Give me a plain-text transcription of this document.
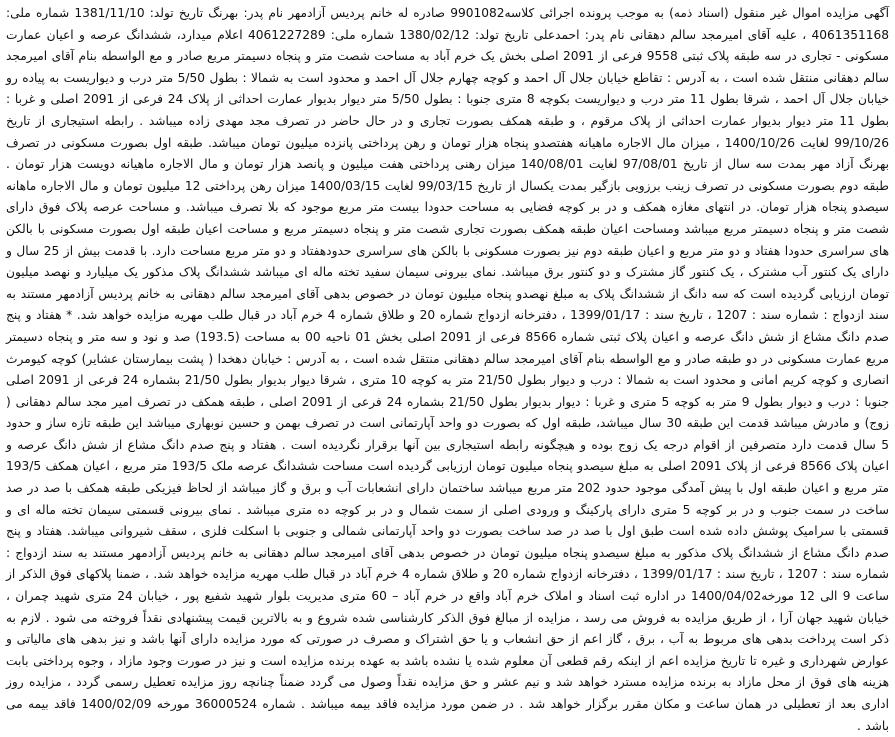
آگهی مزایده اموال غیر منقول (اسناد ذمه) به موجب پرونده اجرائی کلاسه9901082 صادره له خانم پردیس آزادمهر نام پدر: بهرنگ تاریخ تولد: 1381/11/10 شماره ملی: 4061351168 ، علیه آقای امیرمجد سالم دهقانی نام پدر: احمدعلی تاریخ تولد: 1380/02/12 شماره ملی: 4061227289 اعلام میدارد، ششدانگ عرصه و اعیان عمارت مسکونی - تجاری در سه طبقه پلاک ثبتی 9558 فرعی از 2091 اصلی بخش یک خرم آباد به مساحت شصت متر و پنجاه دسیمتر مربع صادر و مع الواسطه بنام آقای امیرمجد سالم دهقانی منتقل شده است ، به آدرس : تقاطع خیابان جلال آل احمد و کوچه چهارم جلال آل احمد و محدود است به شمالا : بطول 5/50 متر درب و دیواریست به پیاده رو خیابان جلال آل احمد ، شرقا بطول 11 متر درب و دیواریست بکوچه 8 متری جنوبا : بطول 5/50 متر دیوار بدیوار عمارت احداثی از پلاک 24 فرعی از 2091 اصلی و غربا : بطول 11 متر دیوار بدیوار عمارت احداثی از پلاک مرقوم ، و طبقه همکف بصورت تجاری و در حال حاضر در تصرف مجد مهدی زاده میباشد . رابطه استیجاری از تاریخ 99/10/26 لغایت 1400/10/26 ، میزان مال الاجاره ماهیانه هفتصدو پنجاه هزار تومان و رهن پرداختی پانزده میلیون تومان میباشد. طبقه اول بصورت مسکونی در تصرف بهرنگ آزاد مهر بمدت سه سال از تاریخ 97/08/01 لغایت 140/08/01 میزان رهنی پرداختی هفت میلیون و پانصد هزار تومان و مال الاجاره ماهیانه دویست هزار تومان . طبقه دوم بصورت مسکونی در تصرف زینب برزویی بازگیر بمدت یکسال از تاریخ 99/03/15 لغایت 1400/03/15 میزان رهن پرداختی 12 میلیون تومان و مال الاجاره ماهانه سیصدو پنجاه هزار تومان. در انتهای مغازه همکف و در بر کوچه فضایی به مساحت حدودا بیست متر مربع موجود که بلا تصرف میباشد. و مساحت عرصه پلاک فوق دارای شصت متر و پنجاه دسیمتر مربع میباشد ومساحت اعیان طبقه همکف بصورت تجاری شصت متر و پنجاه دسیمتر مربع و مساحت اعیان طبقه اول بصورت مسکونی با بالکن های سراسری حدودا هفتاد و دو متر مربع و اعیان طبقه دوم نیز بصورت مسکونی با بالکن های سراسری حدودهفتاد و دو متر مربع مساحت دارد. با قدمت بیش از 25 سال و دارای یک کنتور آب مشترک ، یک کنتور گاز مشترک و دو کنتور برق میباشد. نمای بیرونی سیمان سفید تخته ماله ای میباشد ششدانگ پلاک مذکور یک میلیارد و نهصد میلیون تومان ارزیابی گردیده است که سه دانگ از ششدانگ پلاک به مبلغ نهصدو پنجاه میلیون تومان در خصوص بدهی آقای امیرمجد سالم دهقانی به خانم پردیس آزادمهر مستند به سند ازدواج : شماره سند : 1207 ، تاریخ سند : 1399/01/17 ، دفترخانه ازدواج شماره 20 و طلاق شماره 4 خرم آباد در قبال طلب مهریه مزایده خواهد شد. * هفتاد و پنج صدم دانگ مشاع از شش دانگ عرصه و اعیان پلاک ثبتی شماره 8566 فرعی از 2091 اصلی بخش 01 ناحیه 00 به مساحت (193.5) صد و نود و سه متر و پنجاه دسیمتر مربع عمارت مسکونی در دو طبقه صادر و مع الواسطه بنام آقای امیرمجد سالم دهقانی منتقل شده است ، به آدرس : خیابان دهخدا ( پشت بیمارستان عشایر) کوچه کیومرث انصاری و کوچه کریم امانی و محدود است به شمالا : درب و دیوار بطول 21/50 متر به کوچه 10 متری ، شرقا دیوار بدیوار بطول 21/50 بشماره 24 فرعی از 2091 اصلی جنوبا : درب و دیوار بطول 9 متر به کوچه 5 متری و غربا : دیوار بدیوار بطول 21/50 بشماره 24 فرعی از 2091 اصلی ، طبقه همکف در تصرف امیر مجد سالم دهقانی ( زوج) و مادرش میباشد قدمت این طبقه 30 سال میباشد، طبقه اول که بصورت دو واحد آپارتمانی است در تصرف بهمن و حسین نوبهاری میباشد این طبقه تازه ساز و حدود 5 سال قدمت دارد متصرفین از اقوام درجه یک زوج بوده و هیچگونه رابطه استیجاری بین آنها برقرار نگردیده است . هفتاد و پنج صدم دانگ مشاع از شش دانگ عرصه و اعیان پلاک 8566 فرعی از پلاک 2091 اصلی به مبلغ سیصدو پنجاه میلیون تومان ارزیابی گردیده است مساحت ششدانگ عرصه ملک 193/5 متر مربع ، اعیان همکف 193/5 متر مربع و اعیان طبقه اول با پیش آمدگی موجود حدود 202 متر مربع میباشد ساختمان دارای انشعابات آب و برق و گاز میباشد از لحاظ فیزیکی طبقه همکف با صد در صد ساخت در سمت جنوب و در بر کوچه 5 متری دارای پارکینگ و ورودی اصلی از سمت شمال و در بر کوچه ده متری میباشد . نمای بیرونی قسمتی سیمان تخته ماله ای و قسمتی با سرامیک پوشش داده شده است طبق اول با صد در صد ساخت بصورت دو واحد آپارتمانی شمالی و جنوبی با اسکلت فلزی ، سقف شیروانی میباشد. هفتاد و پنج صدم دانگ مشاع از ششدانگ پلاک مذکور به مبلغ سیصدو پنجاه میلیون تومان در خصوص بدهی آقای امیرمجد سالم دهقانی به خانم پردیس آزادمهر مستند به سند ازدواج : شماره سند : 1207 ، تاریخ سند : 1399/01/17 ، دفترخانه ازدواج شماره 20 و طلاق شماره 4 خرم آباد در قبال طلب مهریه مزایده خواهد شد. ، ضمنا پلاکهای فوق الذکر از ساعت 9 الی 12 مورخه1400/04/02 در اداره ثبت اسناد و املاک خرم آباد واقع در خرم آباد – 60 متری مدیریت بلوار شهید شفیع پور ، خیابان 24 متری شهید چمران ، خیابان شهید جهان آرا ، از طریق مزایده به فروش می رسد ، مزایده از مبالغ فوق الذکر کارشناسی شده شروع و به بالاترین قیمت پیشنهادی نقداً فروخته می شود . لازم به ذکر است پرداخت بدهی های مربوط به آب ، برق ، گاز اعم از حق انشعاب و یا حق اشتراک و مصرف در صورتی که مورد مزایده دارای آنها باشد و نیز بدهی های مالیاتی و عوارض شهرداری و غیره تا تاریخ مزایده اعم از اینکه رقم قطعی آن معلوم شده یا نشده باشد به عهده برنده مزایده است و نیز در صورت وجود مازاد ، وجوه پرداختی بابت هزینه های فوق از محل مازاد به برنده مزایده مسترد خواهد شد و نیم عشر و حق مزایده نقداً وصول می گردد ضمناً چنانچه روز مزایده تعطیل رسمی گردد ، مزایده روز اداری بعد از تعطیلی در همان ساعت و مکان مقرر برگزار خواهد شد . در ضمن مورد مزایده فاقد بیمه میباشد . شماره 36000524 مورخه 1400/02/09 فاقد بیمه می باشد .
